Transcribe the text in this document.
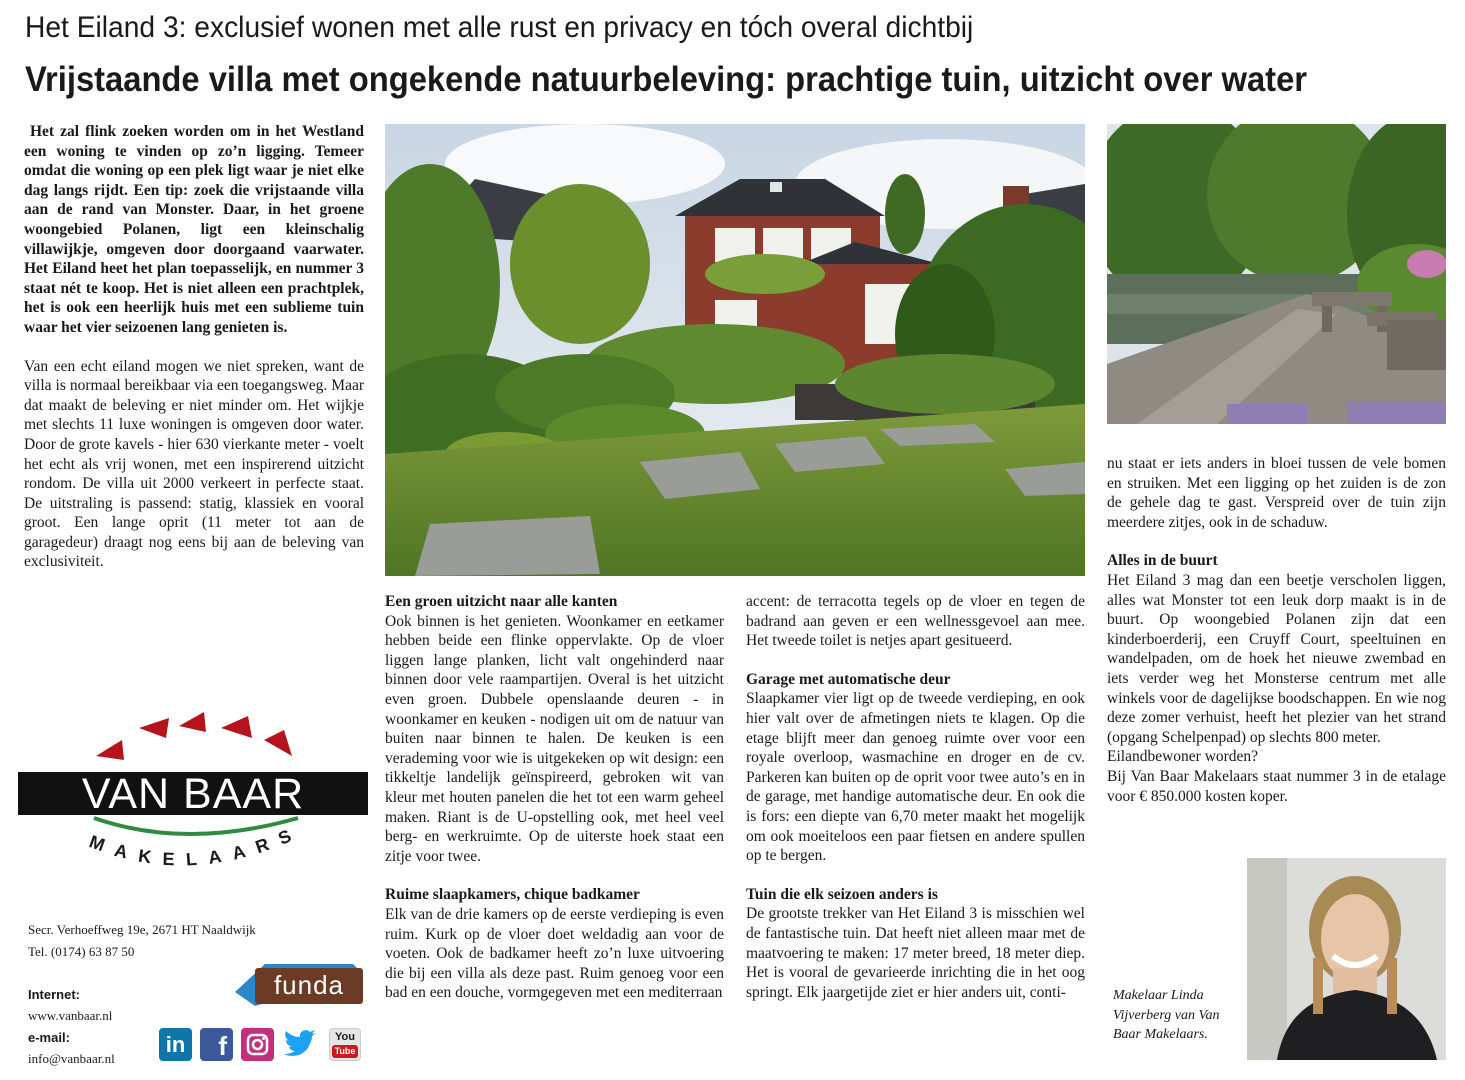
Het Eiland 3: exclusief wonen met alle rust en privacy en tóch overal dichtbij
Vrijstaande villa met ongekende natuurbeleving: prachtige tuin, uitzicht over water

Het zal flink zoeken worden om in het Westland een woning te vinden op zo’n ligging. Temeer omdat die woning op een plek ligt waar je niet elke dag langs rijdt. Een tip: zoek die vrijstaande villa aan de rand van Monster. Daar, in het groene woongebied Polanen, ligt een kleinschalig villawijkje, omgeven door doorgaand vaarwater. Het Eiland heet het plan toepasselijk, en nummer 3 staat nét te koop. Het is niet alleen een prachtplek, het is ook een heerlijk huis met een sublieme tuin waar het vier seizoenen lang genieten is.

Van een echt eiland mogen we niet spreken, want de villa is normaal bereikbaar via een toegangsweg. Maar dat maakt de beleving er niet minder om. Het wijkje met slechts 11 luxe woningen is omgeven door water. Door de grote kavels - hier 630 vierkante meter - voelt het echt als vrij wonen, met een inspirerend uitzicht rondom. De villa uit 2000 verkeert in perfecte staat. De uitstraling is passend: statig, klassiek en vooral groot. Een lange oprit (11 meter tot aan de garagedeur) draagt nog eens bij aan de beleving van exclusiviteit.

VAN BAAR
MAKELAARS
Secr. Verhoeffweg 19e, 2671 HT Naaldwijk
Tel. (0174) 63 87 50
Internet:
www.vanbaar.nl
e-mail:
info@vanbaar.nl
funda
in	f	You
Tube

Een groen uitzicht naar alle kanten

Ook binnen is het genieten. Woonkamer en eetkamer hebben beide een flinke oppervlakte. Op de vloer liggen lange planken, licht valt ongehinderd naar binnen door vele raampartijen. Overal is het uitzicht even groen. Dubbele openslaande deuren - in woonkamer en keuken - nodigen uit om de natuur van buiten naar binnen te halen. De keuken is een verademing voor wie is uitgekeken op wit design: een tikkeltje landelijk geïnspireerd, gebroken wit van kleur met houten panelen die het tot een warm geheel maken. Riant is de U-opstelling ook, met heel veel berg- en werkruimte. Op de uiterste hoek staat een zitje voor twee.

Ruime slaapkamers, chique badkamer

Elk van de drie kamers op de eerste verdieping is even ruim. Kurk op de vloer doet weldadig aan voor de voeten. Ook de badkamer heeft zo’n luxe uitvoering die bij een villa als deze past. Ruim genoeg voor een bad en een douche, vormgegeven met een mediterraan

accent: de terracotta tegels op de vloer en tegen de badrand aan geven er een wellnessgevoel aan mee. Het tweede toilet is netjes apart gesitueerd.

Garage met automatische deur

Slaapkamer vier ligt op de tweede verdieping, en ook hier valt over de afmetingen niets te klagen. Op die etage blijft meer dan genoeg ruimte over voor een royale overloop, wasmachine en droger en de cv. Parkeren kan buiten op de oprit voor twee auto’s en in de garage, met handige automatische deur. En ook die is fors: een diepte van 6,70 meter maakt het mogelijk om ook moeiteloos een paar fietsen en andere spullen op te bergen.

Tuin die elk seizoen anders is

De grootste trekker van Het Eiland 3 is misschien wel de fantastische tuin. Dat heeft niet alleen maar met de maatvoering te maken: 17 meter breed, 18 meter diep. Het is vooral de gevarieerde inrichting die in het oog springt. Elk jaargetijde ziet er hier anders uit, conti-

nu staat er iets anders in bloei tussen de vele bomen en struiken. Met een ligging op het zuiden is de zon de gehele dag te gast. Verspreid over de tuin zijn meerdere zitjes, ook in de schaduw.

Alles in de buurt

Het Eiland 3 mag dan een beetje verscholen liggen, alles wat Monster tot een leuk dorp maakt is in de buurt. Op woongebied Polanen zijn dat een kinderboerderij, een Cruyff Court, speeltuinen en wandelpaden, om de hoek het nieuwe zwembad en iets verder weg het Monsterse centrum met alle winkels voor de dagelijkse boodschappen. En wie nog deze zomer verhuist, heeft het plezier van het strand (opgang Schelpenpad) op slechts 800 meter.

Eilandbewoner worden?

Bij Van Baar Makelaars staat nummer 3 in de etalage voor € 850.000 kosten koper.

Makelaar Linda Vijverberg van Van Baar Makelaars.
